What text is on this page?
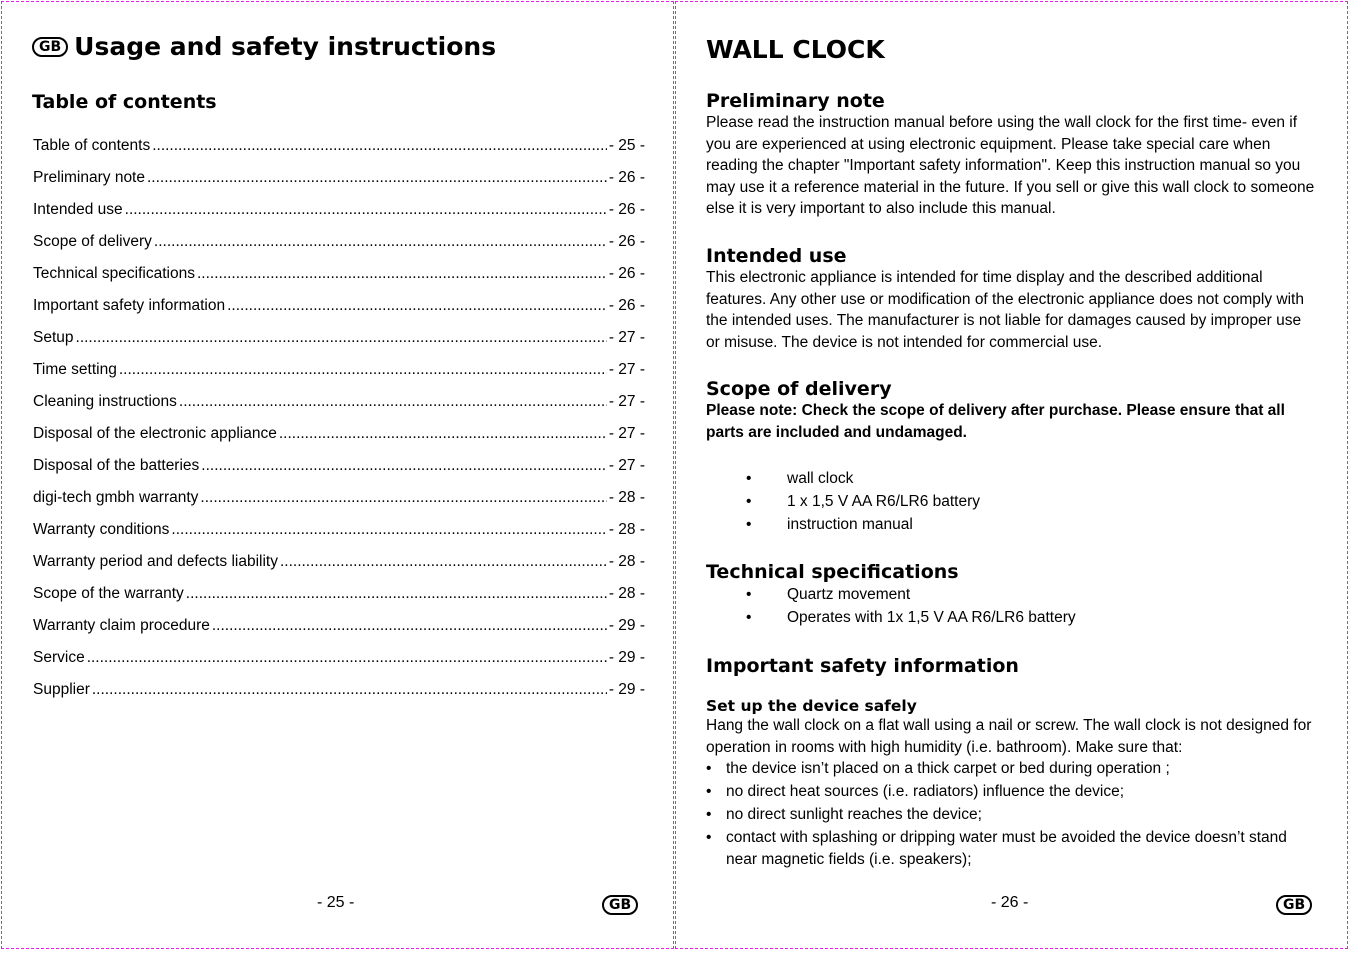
GB Usage and safety instructions
Table of contents
Table of contents .....	- 25 -
Preliminary note .....	- 26 -
Intended use .....	- 26 -
Scope of delivery .....	- 26 -
Technical specifications .....	- 26 -
Important safety information .....	- 26 -
Setup .....	- 27 -
Time setting .....	- 27 -
Cleaning instructions .....	- 27 -
Disposal of the electronic appliance .....	- 27 -
Disposal of the batteries .....	- 27 -
digi-tech gmbh warranty .....	- 28 -
Warranty conditions .....	- 28 -
Warranty period and defects liability .....	- 28 -
Scope of the warranty .....	- 28 -
Warranty claim procedure .....	- 29 -
Service .....	- 29 -
Supplier .....	- 29 -
- 25 -	GB
WALL CLOCK
Preliminary note

Please read the instruction manual before using the wall clock for the first time- even if you are experienced at using electronic equipment. Please take special care when reading the chapter "Important safety information". Keep this instruction manual so you may use it a reference material in the future. If you sell or give this wall clock to someone else it is very important to also include this manual.

Intended use

This electronic appliance is intended for time display and the described additional features. Any other use or modification of the electronic appliance does not comply with the intended uses. The manufacturer is not liable for damages caused by improper use or misuse. The device is not intended for commercial use.

Scope of delivery

Please note: Check the scope of delivery after purchase. Please ensure that all parts are included and undamaged.

• wall clock
• 1 x 1,5 V AA R6/LR6 battery
• instruction manual
Technical specifications
• Quartz movement
• Operates with 1x 1,5 V AA R6/LR6 battery
Important safety information
Set up the device safely

Hang the wall clock on a flat wall using a nail or screw. The wall clock is not designed for operation in rooms with high humidity (i.e. bathroom). Make sure that:

• the device isn’t placed on a thick carpet or bed during operation ;
• no direct heat sources (i.e. radiators) influence the device;
• no direct sunlight reaches the device;
• contact with splashing or dripping water must be avoided the device doesn’t stand near magnetic fields (i.e. speakers);
- 26 -	GB
